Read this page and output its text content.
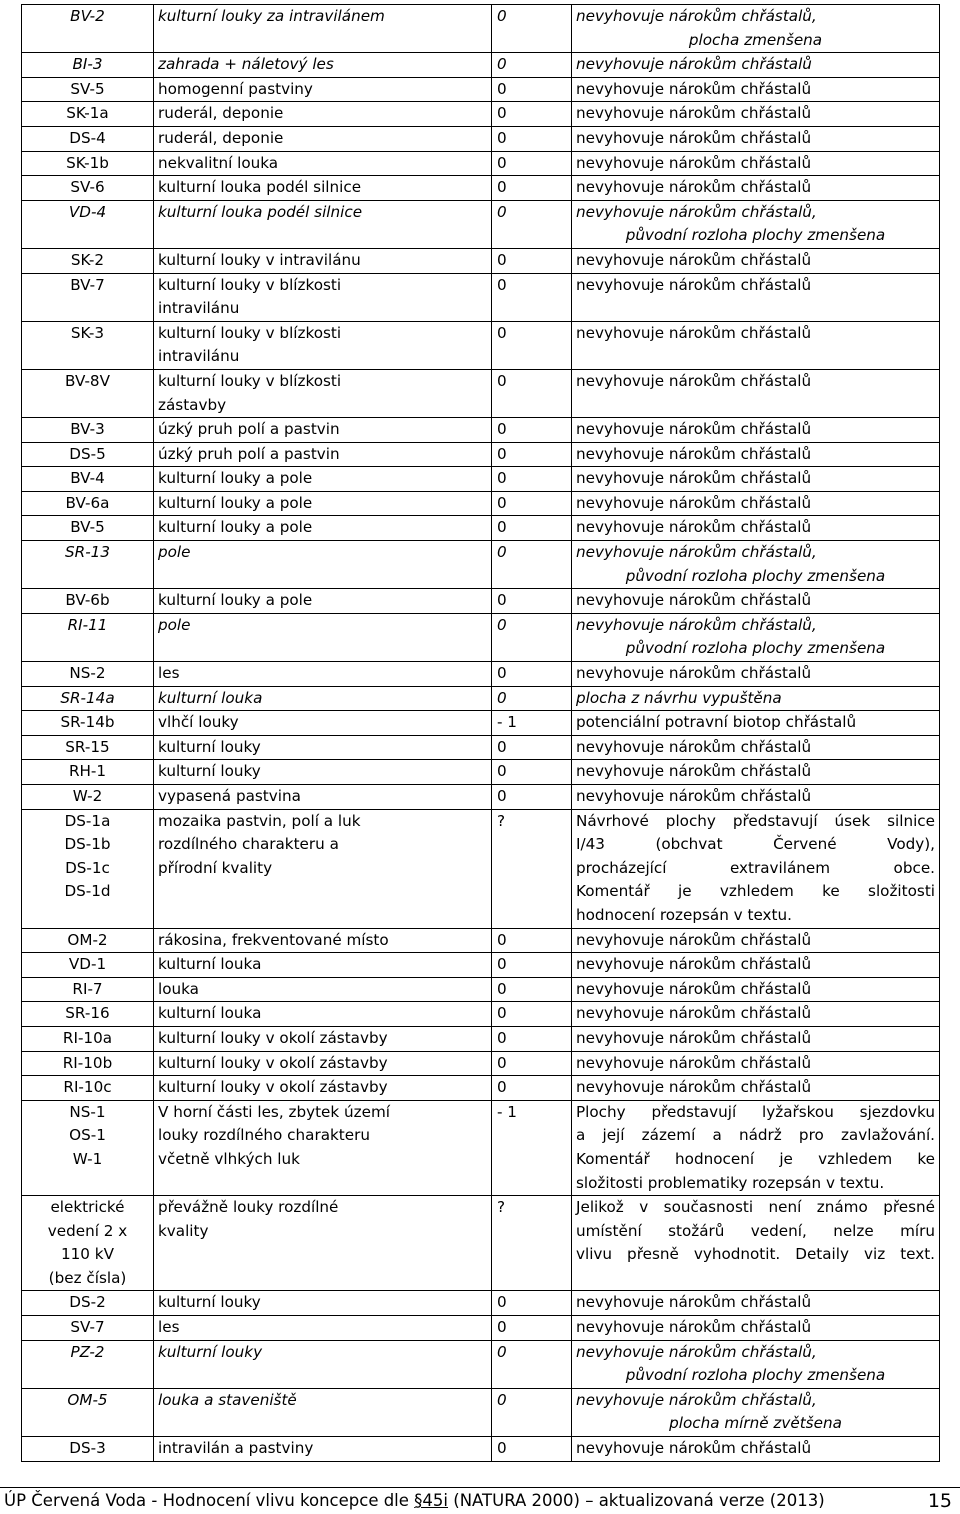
BV-2	kulturní louky za intravilánem	0	nevyhovuje nárokům chřástalů,
plocha zmenšena

BI-3	zahrada + náletový les	0	nevyhovuje nárokům chřástalů

SV-5	homogenní pastviny	0	nevyhovuje nárokům chřástalů

SK-1a	ruderál, deponie	0	nevyhovuje nárokům chřástalů

DS-4	ruderál, deponie	0	nevyhovuje nárokům chřástalů

SK-1b	nekvalitní louka	0	nevyhovuje nárokům chřástalů

SV-6	kulturní louka podél silnice	0	nevyhovuje nárokům chřástalů

VD-4	kulturní louka podél silnice	0	nevyhovuje nárokům chřástalů,
původní rozloha plochy zmenšena

SK-2	kulturní louky v intravilánu	0	nevyhovuje nárokům chřástalů

BV-7	kulturní louky v blízkosti
intravilánu	0	nevyhovuje nárokům chřástalů

SK-3	kulturní louky v blízkosti
intravilánu	0	nevyhovuje nárokům chřástalů

BV-8V	kulturní louky v blízkosti
zástavby	0	nevyhovuje nárokům chřástalů

BV-3	úzký pruh polí a pastvin	0	nevyhovuje nárokům chřástalů

DS-5	úzký pruh polí a pastvin	0	nevyhovuje nárokům chřástalů

BV-4	kulturní louky a pole	0	nevyhovuje nárokům chřástalů

BV-6a	kulturní louky a pole	0	nevyhovuje nárokům chřástalů

BV-5	kulturní louky a pole	0	nevyhovuje nárokům chřástalů

SR-13	pole	0	nevyhovuje nárokům chřástalů,
původní rozloha plochy zmenšena

BV-6b	kulturní louky a pole	0	nevyhovuje nárokům chřástalů

RI-11	pole	0	nevyhovuje nárokům chřástalů,
původní rozloha plochy zmenšena

NS-2	les	0	nevyhovuje nárokům chřástalů

SR-14a	kulturní louka	0	plocha z návrhu vypuštěna

SR-14b	vlhčí louky	- 1	potenciální potravní biotop chřástalů

SR-15	kulturní louky	0	nevyhovuje nárokům chřástalů

RH-1	kulturní louky	0	nevyhovuje nárokům chřástalů

W-2	vypasená pastvina	0	nevyhovuje nárokům chřástalů

DS-1a
DS-1b
DS-1c
DS-1d	mozaika pastvin, polí a luk
rozdílného charakteru a
přírodní kvality	?	Návrhové plochy představují úsek silnice
I/43 (obchvat Červené Vody),
procházející extravilánem obce.
Komentář je vzhledem ke složitosti
hodnocení rozepsán v textu.

OM-2	rákosina, frekventované místo	0	nevyhovuje nárokům chřástalů

VD-1	kulturní louka	0	nevyhovuje nárokům chřástalů

RI-7	louka	0	nevyhovuje nárokům chřástalů

SR-16	kulturní louka	0	nevyhovuje nárokům chřástalů

RI-10a	kulturní louky v okolí zástavby	0	nevyhovuje nárokům chřástalů

RI-10b	kulturní louky v okolí zástavby	0	nevyhovuje nárokům chřástalů

RI-10c	kulturní louky v okolí zástavby	0	nevyhovuje nárokům chřástalů

NS-1
OS-1
W-1	V horní části les, zbytek území
louky rozdílného charakteru
včetně vlhkých luk	- 1	Plochy představují lyžařskou sjezdovku
a její zázemí a nádrž pro zavlažování.
Komentář hodnocení je vzhledem ke
složitosti problematiky rozepsán v textu.

elektrické
vedení 2 x
110 kV
(bez čísla)	převážně louky rozdílné
kvality	?	Jelikož v současnosti není známo přesné
umístění stožárů vedení, nelze míru
vlivu přesně vyhodnotit. Detaily viz text.

DS-2	kulturní louky	0	nevyhovuje nárokům chřástalů

SV-7	les	0	nevyhovuje nárokům chřástalů

PZ-2	kulturní louky	0	nevyhovuje nárokům chřástalů,
původní rozloha plochy zmenšena

OM-5	louka a staveniště	0	nevyhovuje nárokům chřástalů,
plocha mírně zvětšena

DS-3	intravilán a pastviny	0	nevyhovuje nárokům chřástalů
ÚP Červená Voda - Hodnocení vlivu koncepce dle §45i (NATURA 2000) – aktualizovaná verze (2013)	15
